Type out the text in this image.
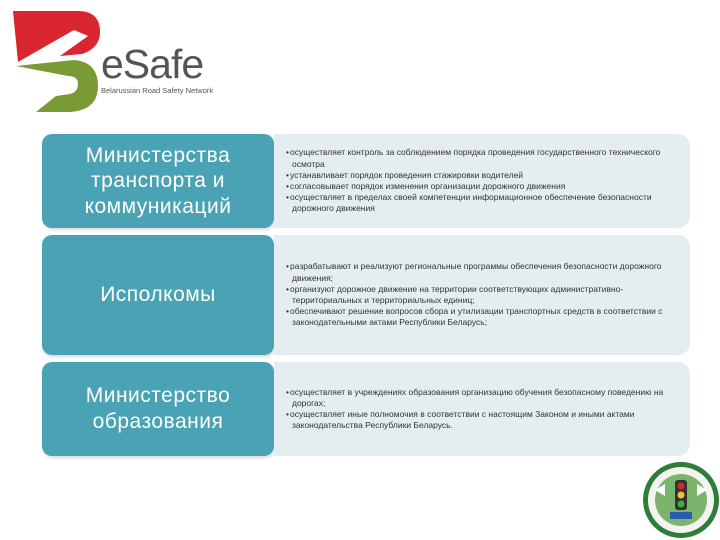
eSafe
Belarussian Road Safety Network
Министерства транспорта и коммуникаций
• осуществляет контроль за соблюдением порядка проведения государственного технического осмотра
• устанавливает порядок проведения стажировки водителей
• согласовывает порядок изменения организации дорожного движения
• осуществляет в пределах своей компетенции информационное обеспечение безопасности дорожного движения
Исполкомы
• разрабатывают и реализуют региональные программы обеспечения безопасности дорожного движения;
• организуют дорожное движение на территории соответствующих административно-территориальных и территориальных единиц;
• обеспечивают решение вопросов сбора и утилизации транспортных средств в соответствии с законодательными актами Республики Беларусь;
Министерство образования
• осуществляет в учреждениях образования организацию обучения безопасному поведению на дорогах;
• осуществляет иные полномочия в соответствии с настоящим Законом и иными актами законодательства Республики Беларусь.
